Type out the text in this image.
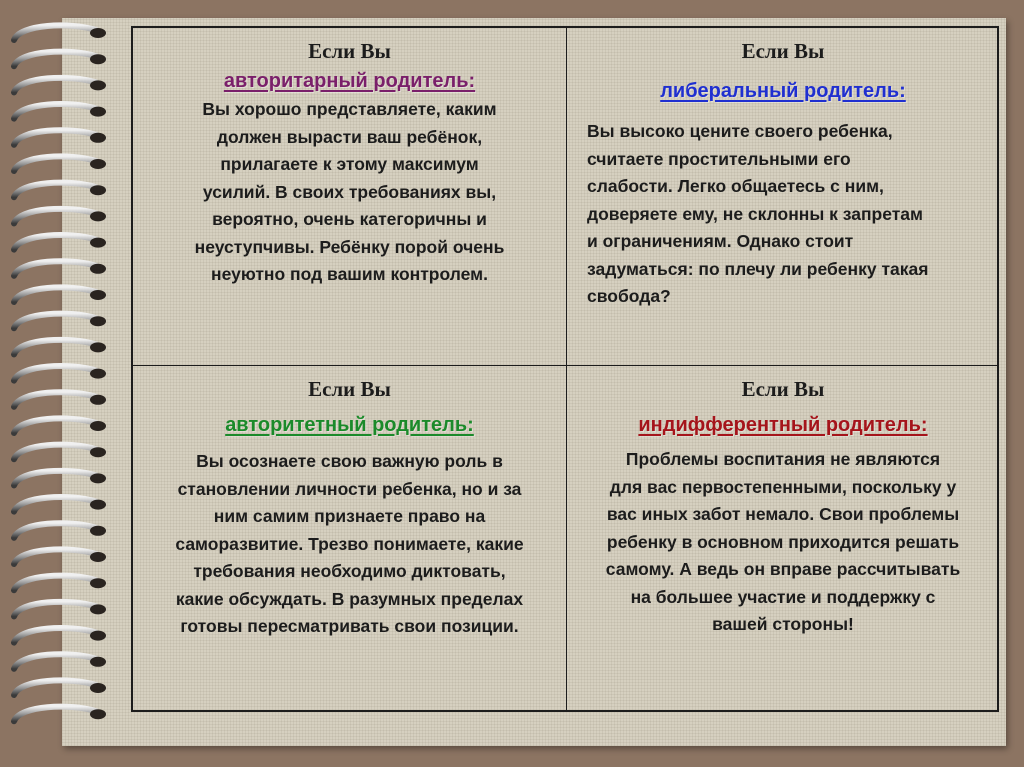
Если Вы
авторитарный родитель:
Вы хорошо представляете, каким
должен вырасти ваш ребёнок,
прилагаете к этому максимум
усилий. В своих требованиях вы,
вероятно, очень категоричны и
неуступчивы. Ребёнку порой очень
неуютно под вашим контролем.
Если Вы
либеральный родитель:
Вы высоко цените своего ребенка,
считаете простительными его
слабости. Легко общаетесь с ним,
доверяете ему, не склонны к запретам
и ограничениям. Однако стоит
задуматься: по плечу ли ребенку такая
свобода?
Если Вы
авторитетный родитель:
Вы осознаете свою важную роль в
становлении личности ребенка, но и за
ним самим признаете право на
саморазвитие. Трезво понимаете, какие
требования необходимо диктовать,
какие обсуждать. В разумных пределах
готовы пересматривать свои позиции.
Если Вы
индифферентный родитель:
Проблемы воспитания не являются
для вас первостепенными, поскольку у
вас иных забот немало. Свои проблемы
ребенку в основном приходится решать
самому. А ведь он вправе рассчитывать
на большее участие и поддержку с
вашей стороны!
